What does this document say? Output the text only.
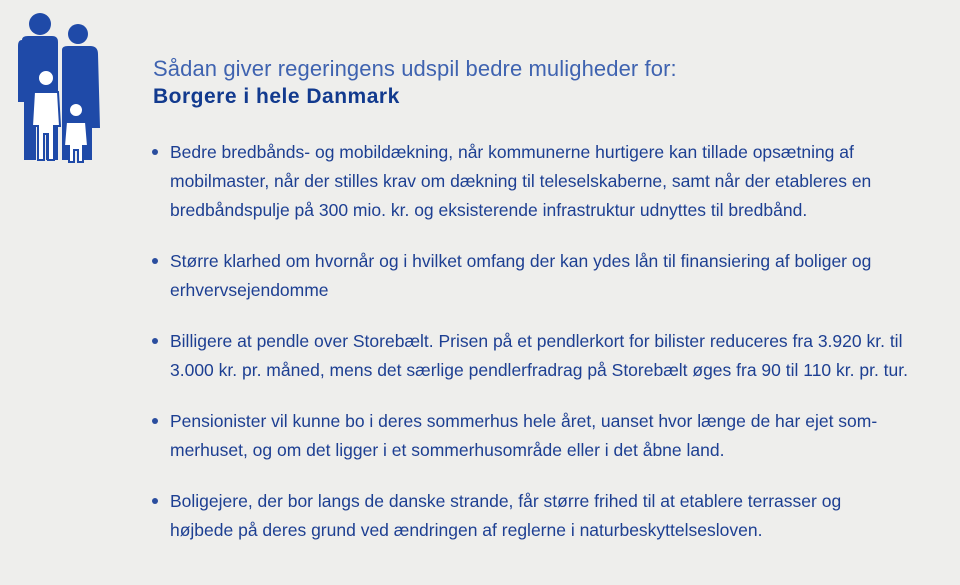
Sådan giver regeringens udspil bedre muligheder for:
Borgere i hele Danmark
Bedre bredbånds- og mobildækning, når kommunerne hurtigere kan tillade opsætning af
mobilmaster, når der stilles krav om dækning til teleselskaberne, samt når der etableres en
bredbåndspulje på 300 mio. kr. og eksisterende infrastruktur udnyttes til bredbånd.
Større klarhed om hvornår og i hvilket omfang der kan ydes lån til finansiering af boliger og
erhvervsejendomme
Billigere at pendle over Storebælt. Prisen på et pendlerkort for bilister reduceres fra 3.920 kr. til
3.000 kr. pr. måned, mens det særlige pendlerfradrag på Storebælt øges fra 90 til 110 kr. pr. tur.
Pensionister vil kunne bo i deres sommerhus hele året, uanset hvor længe de har ejet som-
merhuset, og om det ligger i et sommerhusområde eller i det åbne land.
Boligejere, der bor langs de danske strande, får større frihed til at etablere terrasser og
højbede på deres grund ved ændringen af reglerne i naturbeskyttelsesloven.
